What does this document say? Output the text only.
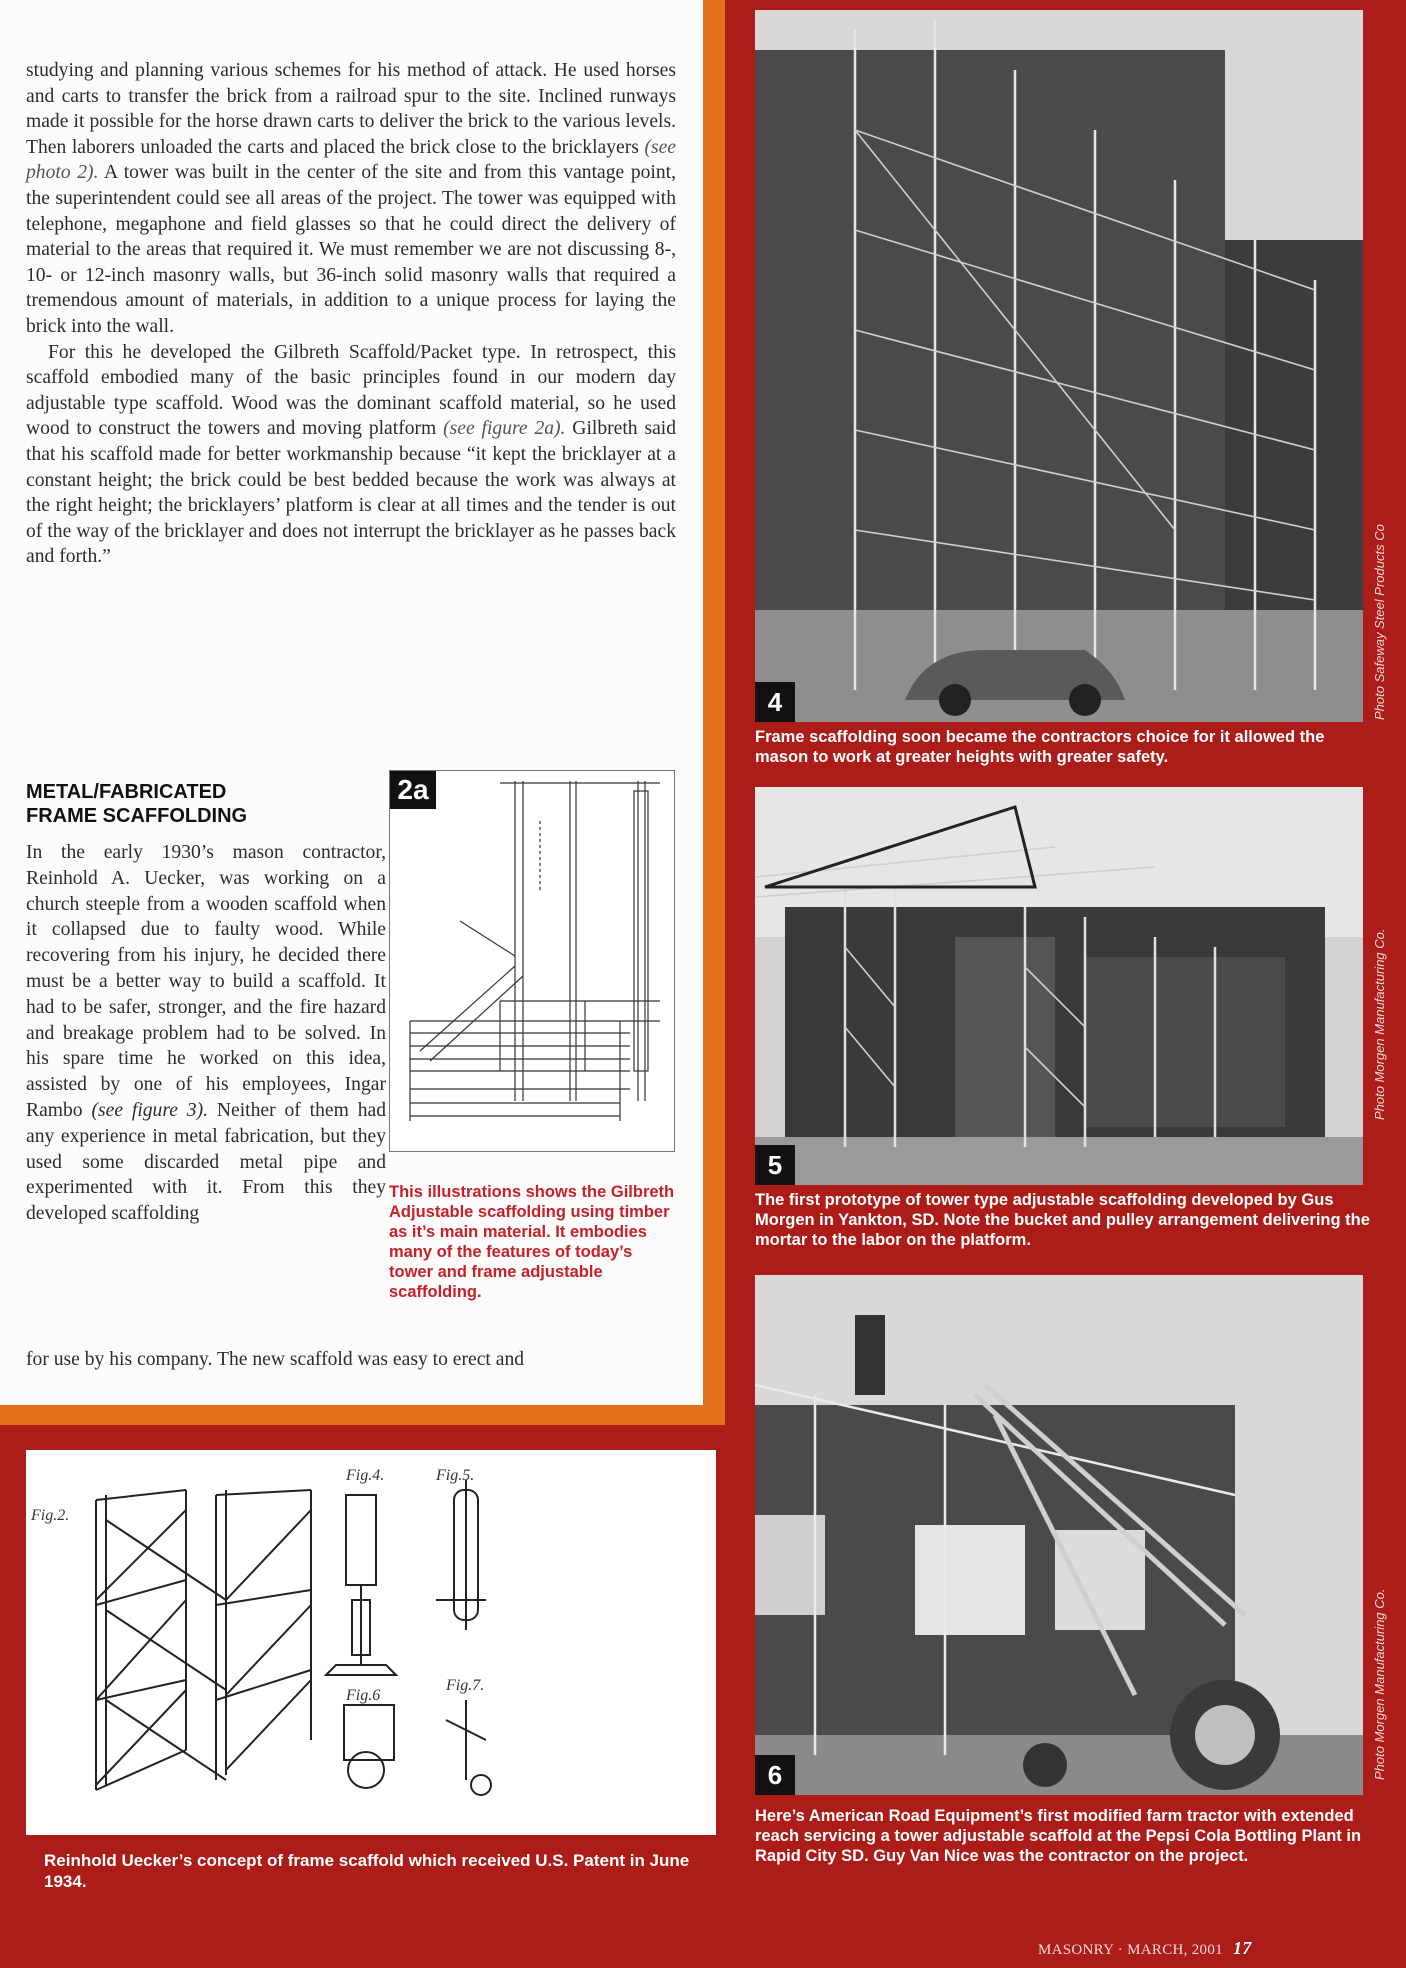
studying and planning various schemes for his method of attack. He used horses and carts to transfer the brick from a railroad spur to the site. Inclined runways made it possible for the horse drawn carts to deliver the brick to the various levels. Then laborers unloaded the carts and placed the brick close to the bricklayers (see photo 2). A tower was built in the center of the site and from this vantage point, the superintendent could see all areas of the project. The tower was equipped with telephone, megaphone and field glasses so that he could direct the delivery of material to the areas that required it. We must remember we are not discussing 8-, 10- or 12-inch masonry walls, but 36-inch solid masonry walls that required a tremendous amount of materials, in addition to a unique process for laying the brick into the wall.

For this he developed the Gilbreth Scaffold/Packet type. In retrospect, this scaffold embodied many of the basic principles found in our modern day adjustable type scaffold. Wood was the dominant scaffold material, so he used wood to construct the towers and moving platform (see figure 2a). Gilbreth said that his scaffold made for better workmanship because “it kept the bricklayer at a constant height; the brick could be best bedded because the work was always at the right height; the bricklayers’ platform is clear at all times and the tender is out of the way of the bricklayer and does not interrupt the bricklayer as he passes back and forth.”

METAL/FABRICATED
FRAME SCAFFOLDING
In the early 1930’s mason contractor, Reinhold A. Uecker, was working on a church steeple from a wooden scaffold when it collapsed due to faulty wood. While recovering from his injury, he decided there must be a better way to build a scaffold. It had to be safer, stronger, and the fire hazard and breakage problem had to be solved. In his spare time he worked on this idea, assisted by one of his employees, Ingar Rambo (see figure 3). Neither of them had any experience in metal fabrication, but they used some discarded metal pipe and experimented with it. From this they developed scaffolding
for use by his company. The new scaffold was easy to erect and
2a
This illustrations shows the Gilbreth Adjustable scaffolding using timber as it’s main material. It embodies many of the features of today’s tower and frame adjustable scaffolding.
Fig.2.
Fig.4.	Fig.5.
Fig.6
Fig.7.
Reinhold Uecker’s concept of frame scaffold which received U.S. Patent in June 1934.
4	Photo Safeway Steel Products Co
Frame scaffolding soon became the contractors choice for it allowed the mason to work at greater heights with greater safety.
5
Photo Morgen Manufacturing Co.
The first prototype of tower type adjustable scaffolding developed by Gus Morgen in Yankton, SD. Note the bucket and pulley arrangement delivering the mortar to the labor on the platform.
6	Photo Morgen Manufacturing Co.
Here’s American Road Equipment’s first modified farm tractor with extended reach servicing a tower adjustable scaffold at the Pepsi Cola Bottling Plant in Rapid City SD. Guy Van Nice was the contractor on the project.
MASONRY · MARCH, 2001 17
